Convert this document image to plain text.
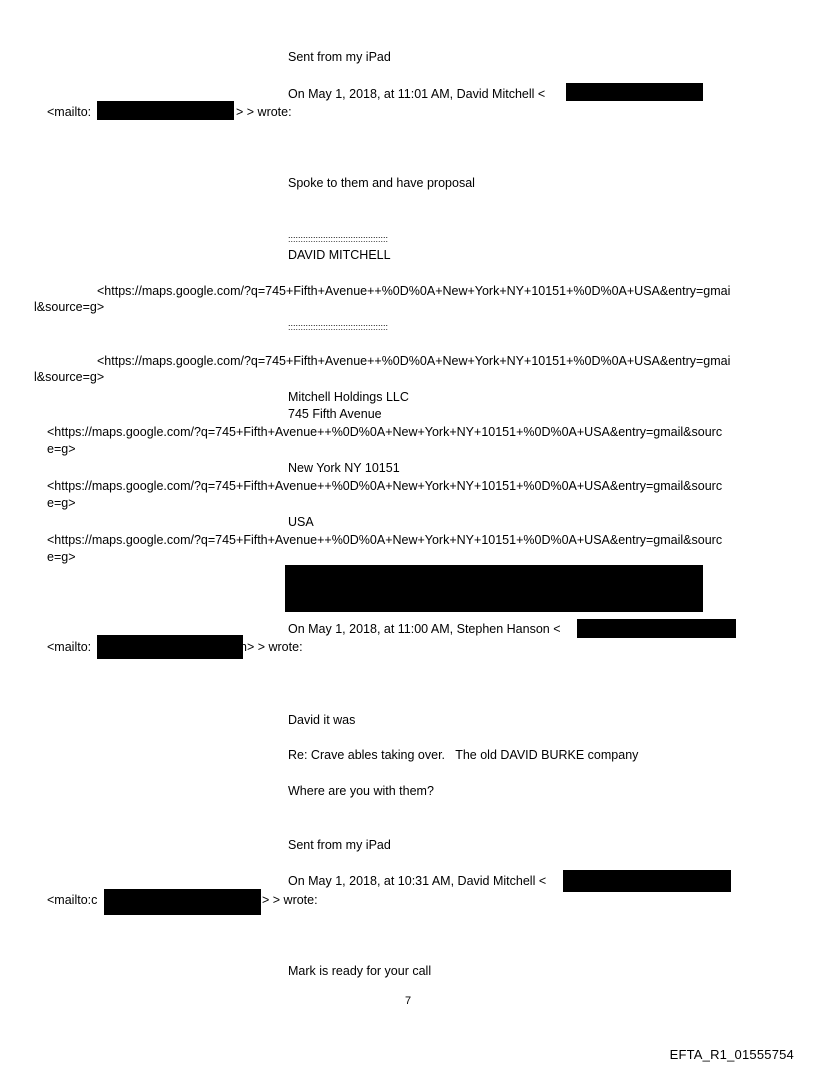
Sent from my iPad
On May 1, 2018, at 11:01 AM, David Mitchell <
<mailto:	> > wrote:
Spoke to them and have proposal
::::::::::::::::::::::::::::::::::::::::
DAVID MITCHELL
<https://maps.google.com/?q=745+Fifth+Avenue++%0D%0A+New+York+NY+10151+%0D%0A+USA&entry=gmai
l&source=g>
::::::::::::::::::::::::::::::::::::::::
<https://maps.google.com/?q=745+Fifth+Avenue++%0D%0A+New+York+NY+10151+%0D%0A+USA&entry=gmai
l&source=g>
Mitchell Holdings LLC
745 Fifth Avenue
<https://maps.google.com/?q=745+Fifth+Avenue++%0D%0A+New+York+NY+10151+%0D%0A+USA&entry=gmail&sourc
e=g>
New York NY 10151
<https://maps.google.com/?q=745+Fifth+Avenue++%0D%0A+New+York+NY+10151+%0D%0A+USA&entry=gmail&sourc
e=g>
USA
<https://maps.google.com/?q=745+Fifth+Avenue++%0D%0A+New+York+NY+10151+%0D%0A+USA&entry=gmail&sourc
e=g>
On May 1, 2018, at 11:00 AM, Stephen Hanson <
<mailto:	n> > wrote:
David it was
Re: Crave ables taking over.   The old DAVID BURKE company
Where are you with them?
Sent from my iPad
On May 1, 2018, at 10:31 AM, David Mitchell <
<mailto:c	> > wrote:
Mark is ready for your call
7
EFTA_R1_01555754
